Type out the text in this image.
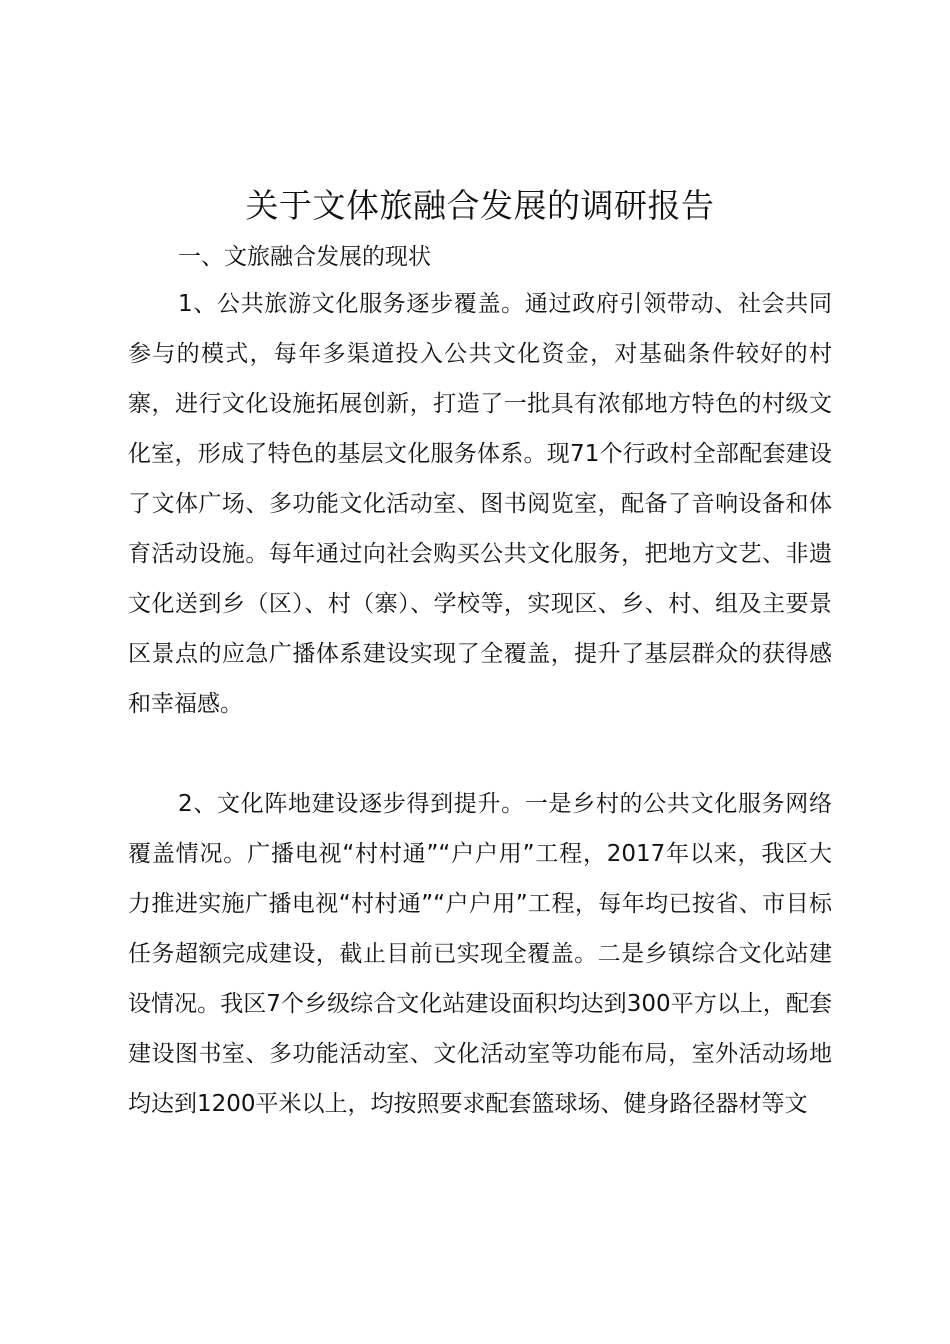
关于文体旅融合发展的调研报告
一、文旅融合发展的现状

1、公共旅游文化服务逐步覆盖。通过政府引领带动、社会共同参与的模式，每年多渠道投入公共文化资金，对基础条件较好的村寨，进行文化设施拓展创新，打造了一批具有浓郁地方特色的村级文化室，形成了特色的基层文化服务体系。现71个行政村全部配套建设了文体广场、多功能文化活动室、图书阅览室，配备了音响设备和体育活动设施。每年通过向社会购买公共文化服务，把地方文艺、非遗文化送到乡（区）、村（寨）、学校等，实现区、乡、村、组及主要景区景点的应急广播体系建设实现了全覆盖，提升了基层群众的获得感和幸福感。

2、文化阵地建设逐步得到提升。一是乡村的公共文化服务网络覆盖情况。广播电视“村村通”“户户用”工程，2017年以来，我区大力推进实施广播电视“村村通”“户户用”工程，每年均已按省、市目标任务超额完成建设，截止目前已实现全覆盖。二是乡镇综合文化站建设情况。我区7个乡级综合文化站建设面积均达到300平方以上，配套建设图书室、多功能活动室、文化活动室等功能布局，室外活动场地均达到1200平米以上，均按照要求配套篮球场、健身路径器材等文
